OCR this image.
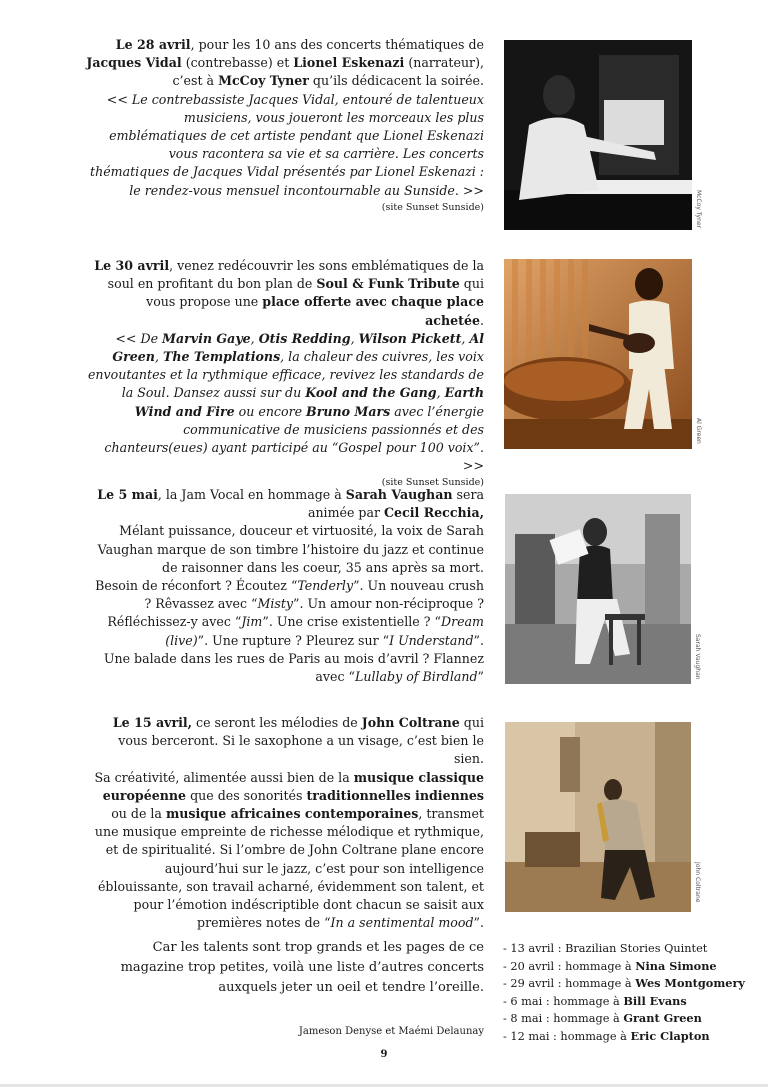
Le 28 avril, pour les 10 ans des concerts thématiques de Jacques Vidal (contrebasse) et Lionel Eskenazi (narrateur), c’est à McCoy Tyner qu’ils dédicacent la soirée.
<< Le contrebassiste Jacques Vidal, entouré de talentueux musiciens, vous joueront les morceaux les plus emblématiques de cet artiste pendant que Lionel Eskenazi vous racontera sa vie et sa carrière. Les concerts thématiques de Jacques Vidal présentés par Lionel Eskenazi : le rendez-vous mensuel incontournable au Sunside. >>
(site Sunset Sunside)	McCoy Tyner
Le 30 avril, venez redécouvrir les sons emblématiques de la soul en profitant du bon plan de Soul & Funk Tribute qui vous propose une place offerte avec chaque place achetée.
<< De Marvin Gaye, Otis Redding, Wilson Pickett, Al Green, The Templations, la chaleur des cuivres, les voix envoutantes et la rythmique efficace, revivez les standards de la Soul. Dansez aussi sur du Kool and the Gang, Earth Wind and Fire ou encore Bruno Mars avec l’énergie communicative de musiciens passionnés et des chanteurs(eues) ayant participé au “Gospel pour 100 voix”. >>
(site Sunset Sunside)
Al Green
Le 5 mai, la Jam Vocal en hommage à Sarah Vaughan sera animée par Cecil Recchia,
Mélant puissance, douceur et virtuosité, la voix de Sarah Vaughan marque de son timbre l’histoire du jazz et continue de raisonner dans les coeur, 35 ans après sa mort.
Besoin de réconfort ? Écoutez “Tenderly”. Un nouveau crush ? Rêvassez avec “Misty”. Un amour non-réciproque ? Réfléchissez-y avec “Jim”. Une crise existentielle ? “Dream (live)”. Une rupture ? Pleurez sur “I Understand”.
Une balade dans les rues de Paris au mois d’avril ? Flannez avec “Lullaby of Birdland”	Sarah Vaughan
Le 15 avril, ce seront les mélodies de John Coltrane qui vous berceront. Si le saxophone a un visage, c’est bien le sien.
Sa créativité, alimentée aussi bien de la musique classique européenne que des sonorités traditionnelles indiennes ou de la musique africaines contemporaines, transmet une musique empreinte de richesse mélodique et rythmique, et de spiritualité. Si l’ombre de John Coltrane plane encore aujourd’hui sur le jazz, c’est pour son intelligence éblouissante, son travail acharné, évidemment son talent, et pour l’émotion indéscriptible dont chacun se saisit aux premières notes de “In a sentimental mood”.
John Coltrane
Car les talents sont trop grands et les pages de ce magazine trop petites, voilà une liste d’autres concerts auxquels jeter un oeil et tendre l’oreille.
- 13 avril : Brazilian Stories Quintet
- 20 avril : hommage à Nina Simone
- 29 avril : hommage à Wes Montgomery
- 6 mai : hommage à Bill Evans
- 8 mai : hommage à Grant Green
- 12 mai : hommage à Eric Clapton
Jameson Denyse et Maémi Delaunay
9
